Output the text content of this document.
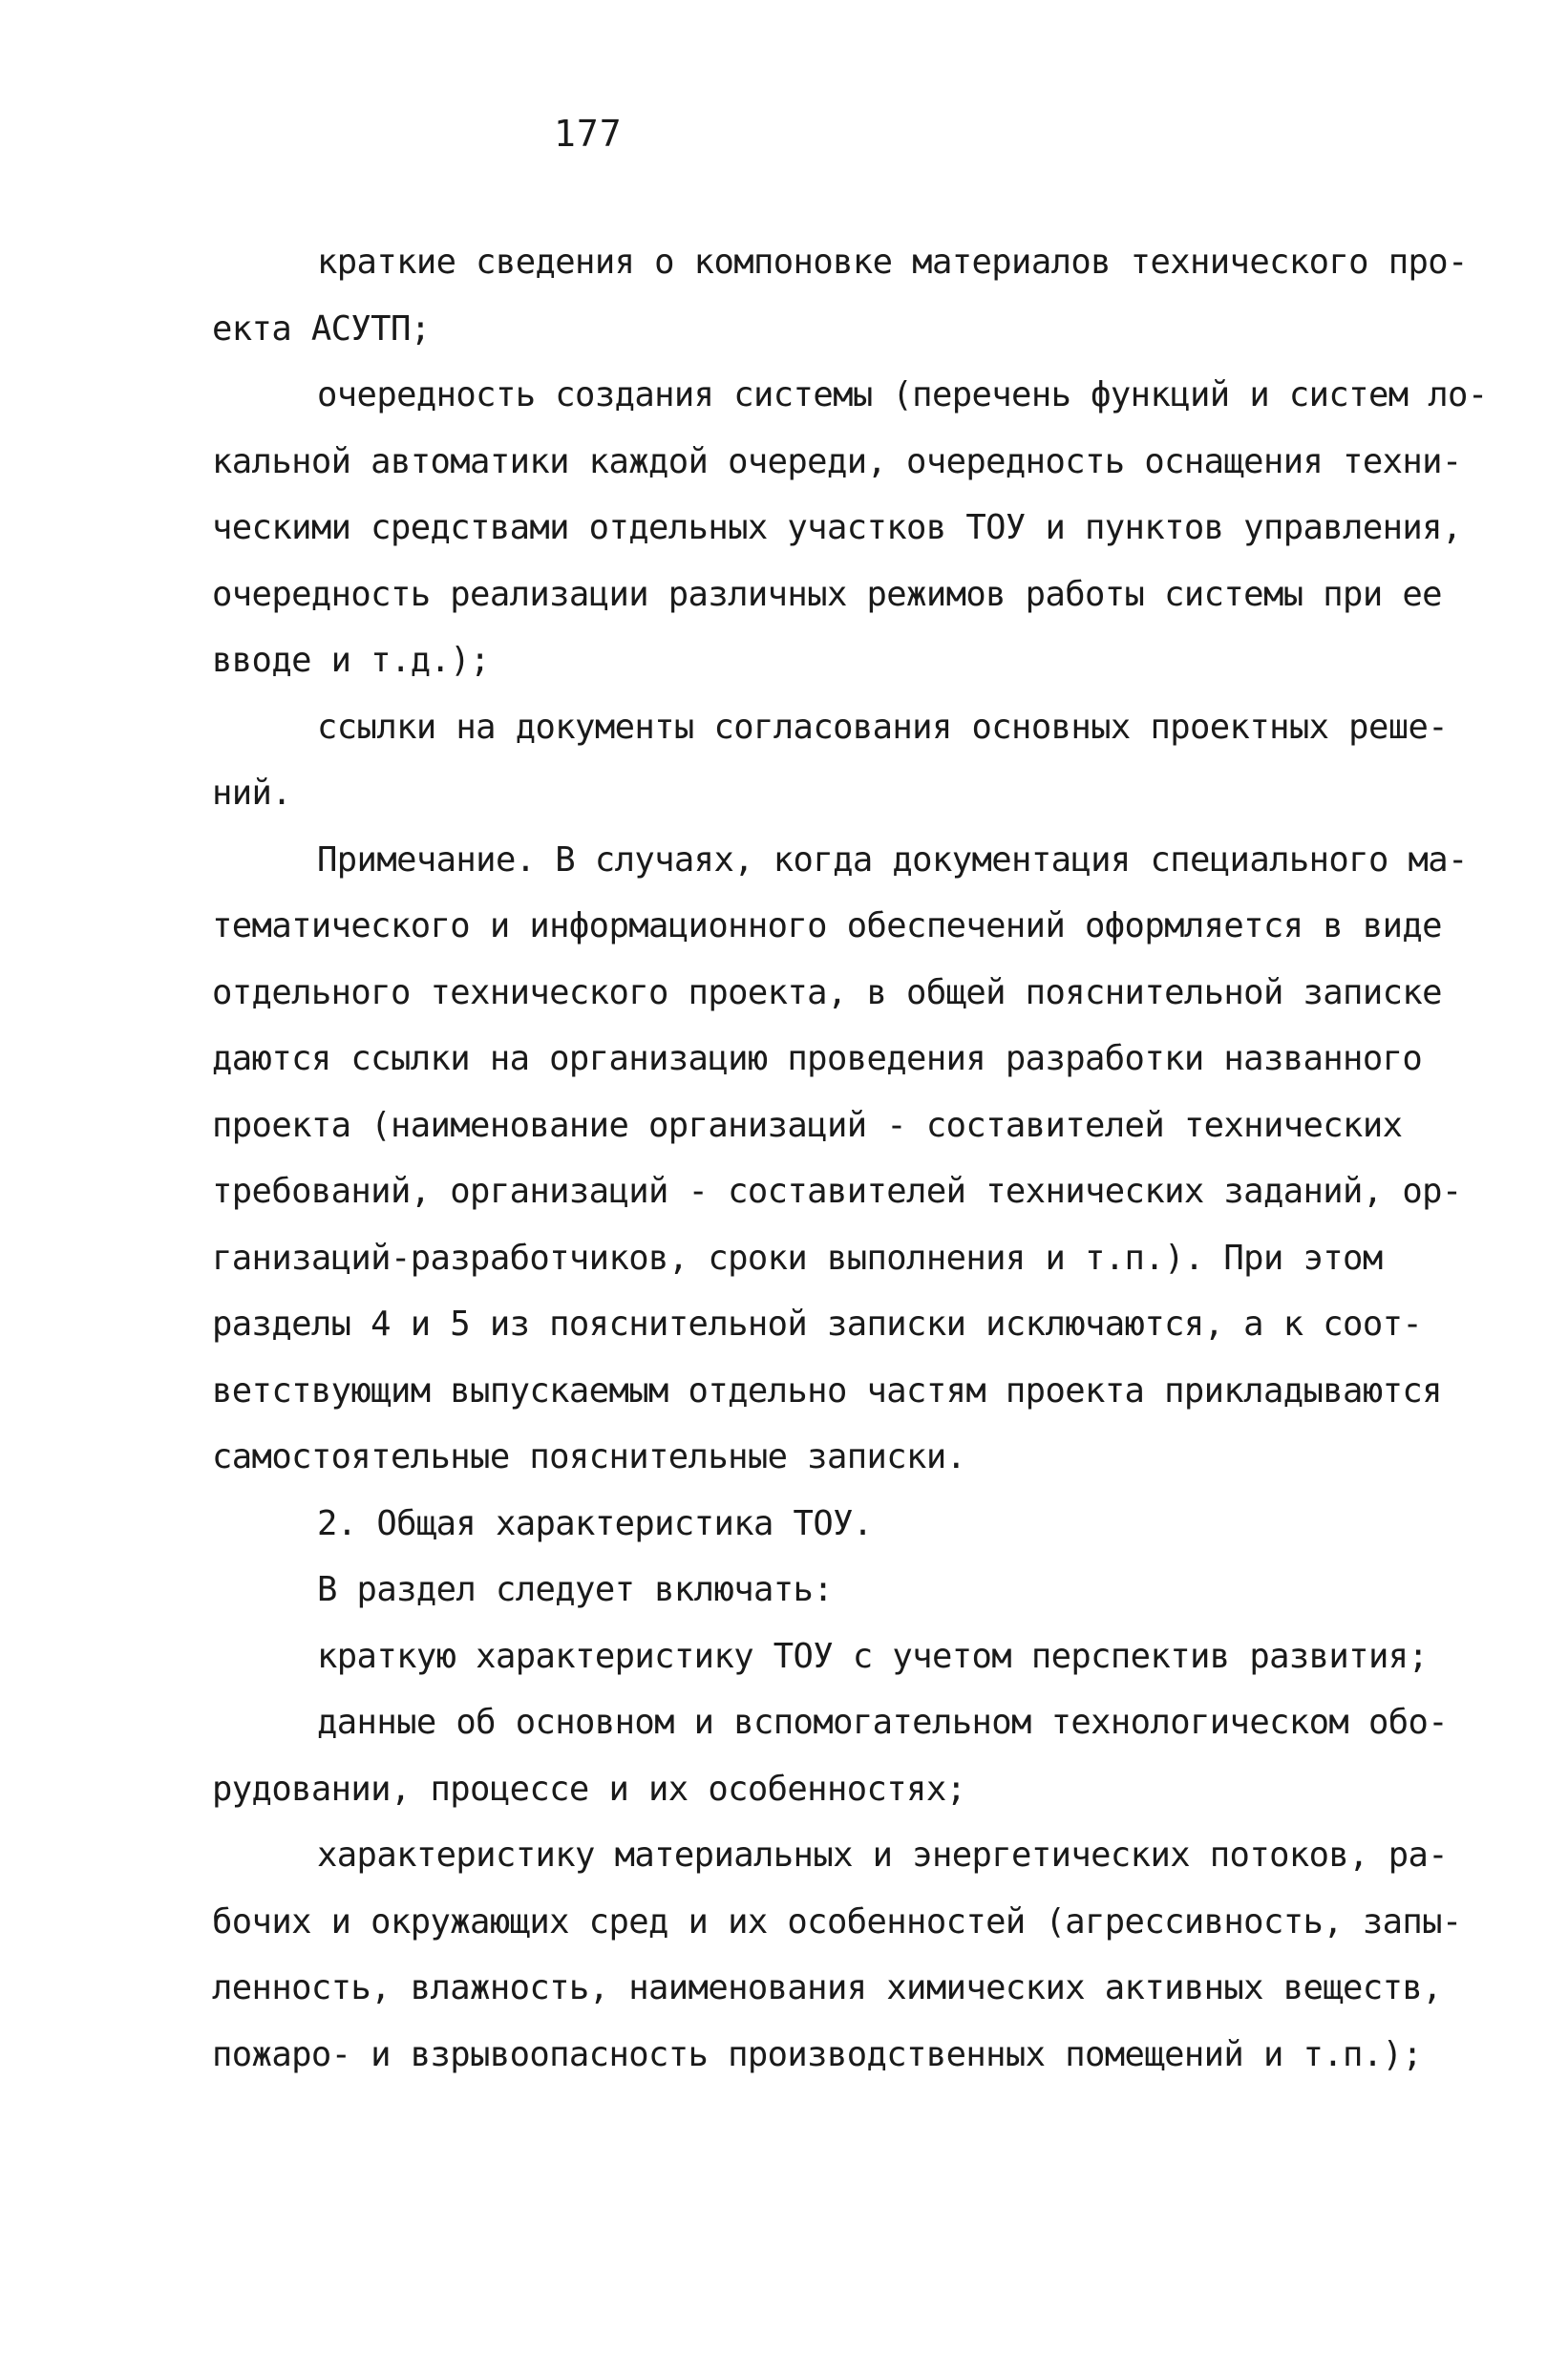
177

краткие сведения о компоновке материалов технического про-
екта АСУТП;

очередность создания системы (перечень функций и систем ло-
кальной автоматики каждой очереди, очередность оснащения техни-
ческими средствами отдельных участков ТОУ и пунктов управления,
очередность реализации различных режимов работы системы при ее
вводе и т.д.);

ссылки на документы согласования основных проектных реше-
ний.

Примечание. В случаях, когда документация специального ма-
тематического и информационного обеспечений оформляется в виде
отдельного технического проекта, в общей пояснительной записке
даются ссылки на организацию проведения разработки названного
проекта (наименование организаций - составителей технических
требований, организаций - составителей технических заданий, ор-
ганизаций-разработчиков, сроки выполнения и т.п.). При этом
разделы 4 и 5 из пояснительной записки исключаются, а к соот-
ветствующим выпускаемым отдельно частям проекта прикладываются
самостоятельные пояснительные записки.

2. Общая характеристика ТОУ.

В раздел следует включать:

краткую характеристику ТОУ с учетом перспектив развития;

данные об основном и вспомогательном технологическом обо-
рудовании, процессе и их особенностях;

характеристику материальных и энергетических потоков, ра-
бочих и окружающих сред и их особенностей (агрессивность, запы-
ленность, влажность, наименования химических активных веществ,
пожаро- и взрывоопасность производственных помещений и т.п.);
